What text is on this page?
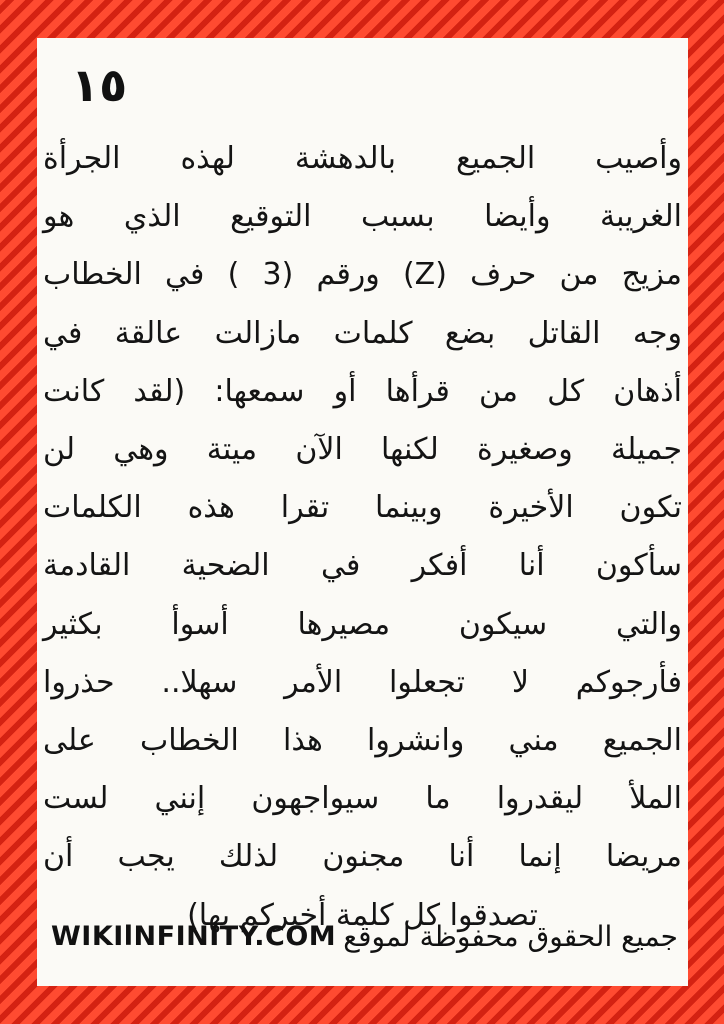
١٥
وأصيب الجميع بالدهشة لهذه الجرأة
الغريبة وأيضا بسبب التوقيع الذي هو
مزيج من حرف (Z) ورقم (3 ) في الخطاب
وجه القاتل بضع كلمات مازالت عالقة في
أذهان كل من قرأها أو سمعها: (لقد كانت
جميلة وصغيرة لكنها الآن ميتة وهي لن
تكون الأخيرة وبينما تقرا هذه الكلمات
سأكون أنا أفكر في الضحية القادمة
والتي سيكون مصيرها أسوأ بكثير
فأرجوكم لا تجعلوا الأمر سهلا.. حذروا
الجميع مني وانشروا هذا الخطاب على
الملأ ليقدروا ما سيواجهون إنني لست
مريضا إنما أنا مجنون لذلك يجب أن
تصدقوا كل كلمة أخبركم بها)
WIKIlNFINITY.COM جميع الحقوق محفوظة لموقع
